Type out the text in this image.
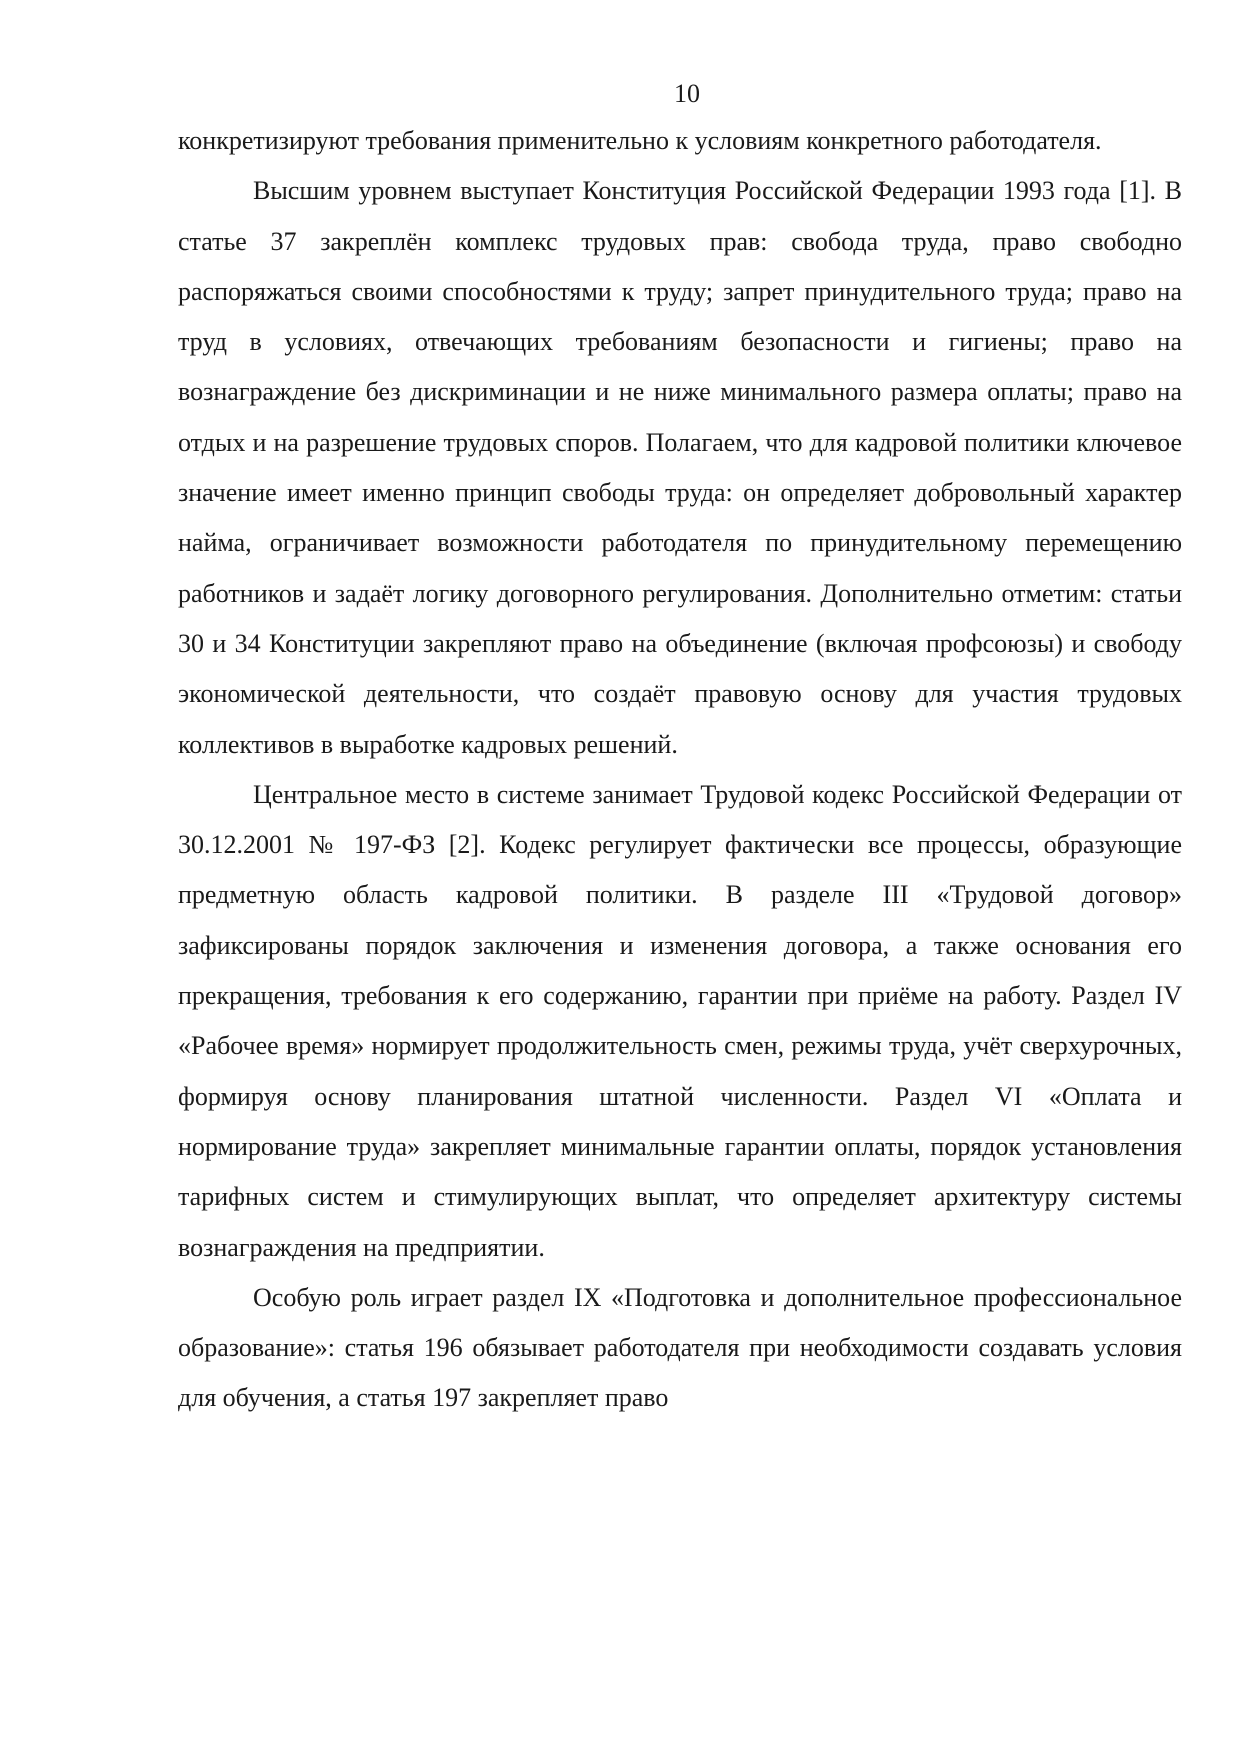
10

конкретизируют требования применительно к условиям конкретного работодателя.

Высшим уровнем выступает Конституция Российской Федерации 1993 года [1]. В статье 37 закреплён комплекс трудовых прав: свобода труда, право свободно распоряжаться своими способностями к труду; запрет принудительного труда; право на труд в условиях, отвечающих требованиям безопасности и гигиены; право на вознаграждение без дискриминации и не ниже минимального размера оплаты; право на отдых и на разрешение трудовых споров. Полагаем, что для кадровой политики ключевое значение имеет именно принцип свободы труда: он определяет добровольный характер найма, ограничивает возможности работодателя по принудительному перемещению работников и задаёт логику договорного регулирования. Дополнительно отметим: статьи 30 и 34 Конституции закрепляют право на объединение (включая профсоюзы) и свободу экономической деятельности, что создаёт правовую основу для участия трудовых коллективов в выработке кадровых решений.

Центральное место в системе занимает Трудовой кодекс Российской Федерации от 30.12.2001 № 197-ФЗ [2]. Кодекс регулирует фактически все процессы, образующие предметную область кадровой политики. В разделе III «Трудовой договор» зафиксированы порядок заключения и изменения договора, а также основания его прекращения, требования к его содержанию, гарантии при приёме на работу. Раздел IV «Рабочее время» нормирует продолжительность смен, режимы труда, учёт сверхурочных, формируя основу планирования штатной численности. Раздел VI «Оплата и нормирование труда» закрепляет минимальные гарантии оплаты, порядок установления тарифных систем и стимулирующих выплат, что определяет архитектуру системы вознаграждения на предприятии.

Особую роль играет раздел IX «Подготовка и дополнительное профессиональное образование»: статья 196 обязывает работодателя при необходимости создавать условия для обучения, а статья 197 закрепляет право
